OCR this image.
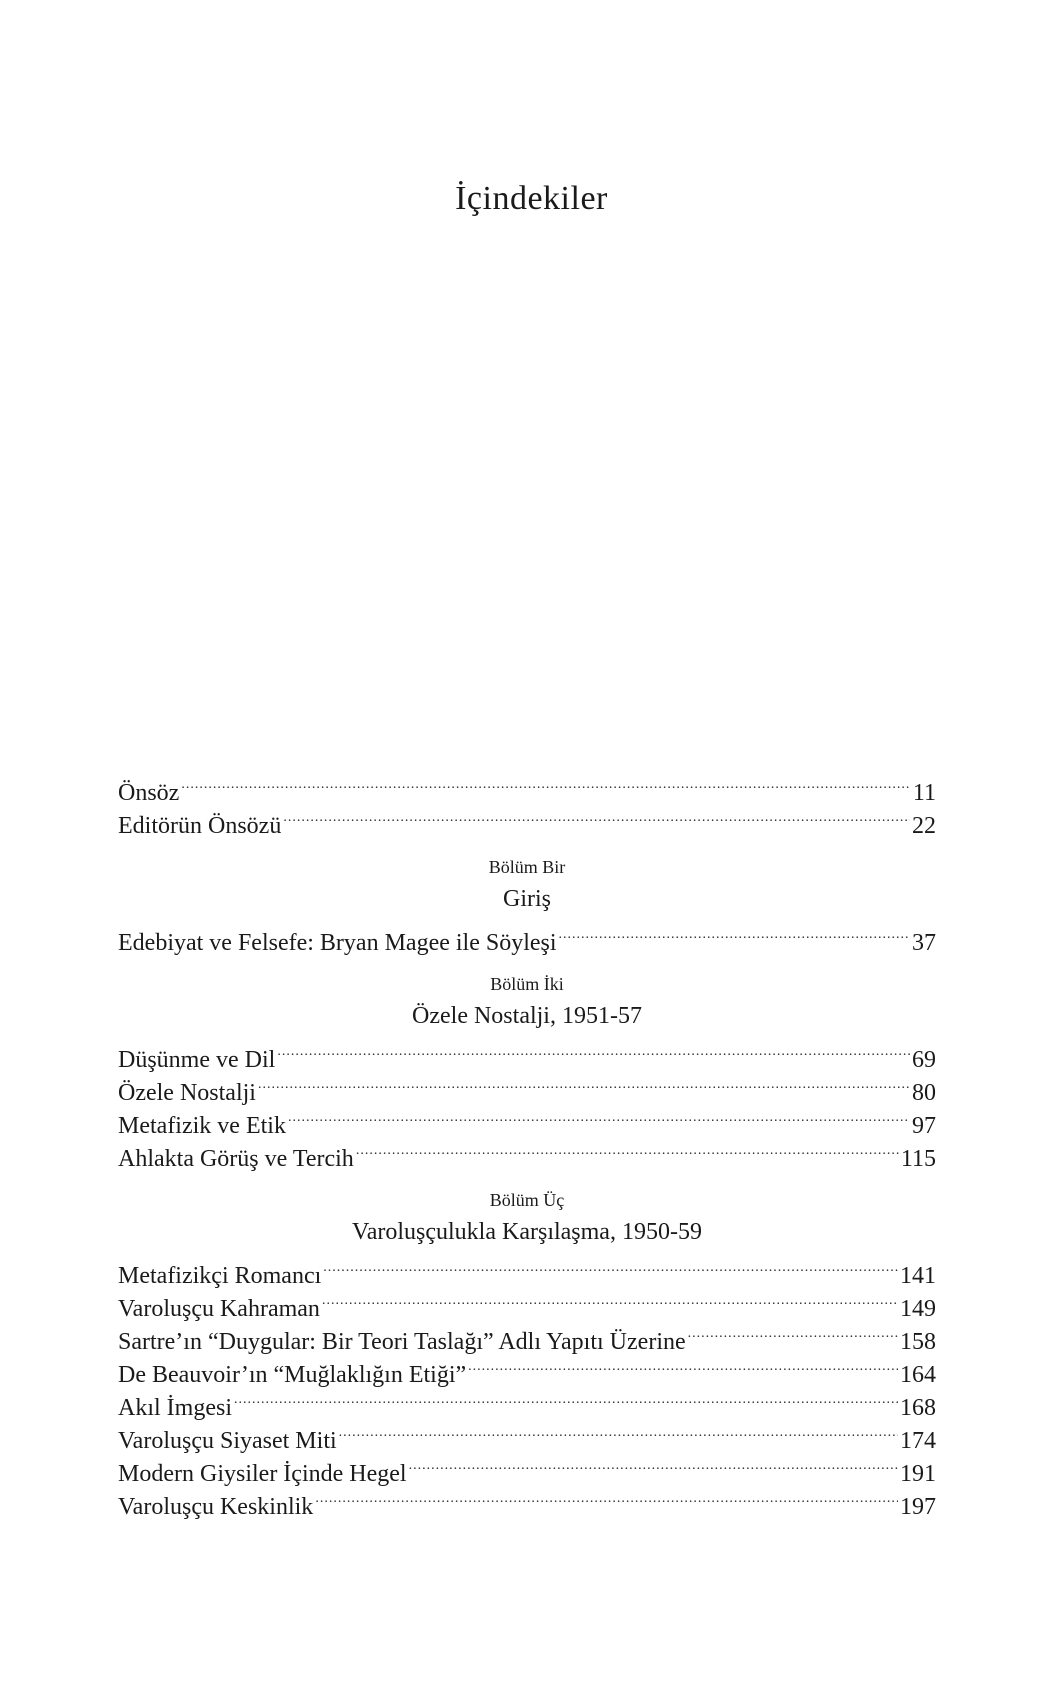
İçindekiler
Önsöz .....	11
Editörün Önsözü .....	22
Bölüm Bir
Giriş
Edebiyat ve Felsefe: Bryan Magee ile Söyleşi .....	37
Bölüm İki
Özele Nostalji, 1951-57
Düşünme ve Dil .....	69
Özele Nostalji .....	80
Metafizik ve Etik .....	97
Ahlakta Görüş ve Tercih .....	115
Bölüm Üç
Varoluşçulukla Karşılaşma, 1950-59
Metafizikçi Romancı .....	141
Varoluşçu Kahraman .....	149
Sartre’ın “Duygular: Bir Teori Taslağı” Adlı Yapıtı Üzerine .....	158
De Beauvoir’ın “Muğlaklığın Etiği” .....	164
Akıl İmgesi .....	168
Varoluşçu Siyaset Miti .....	174
Modern Giysiler İçinde Hegel .....	191
Varoluşçu Keskinlik .....	197
